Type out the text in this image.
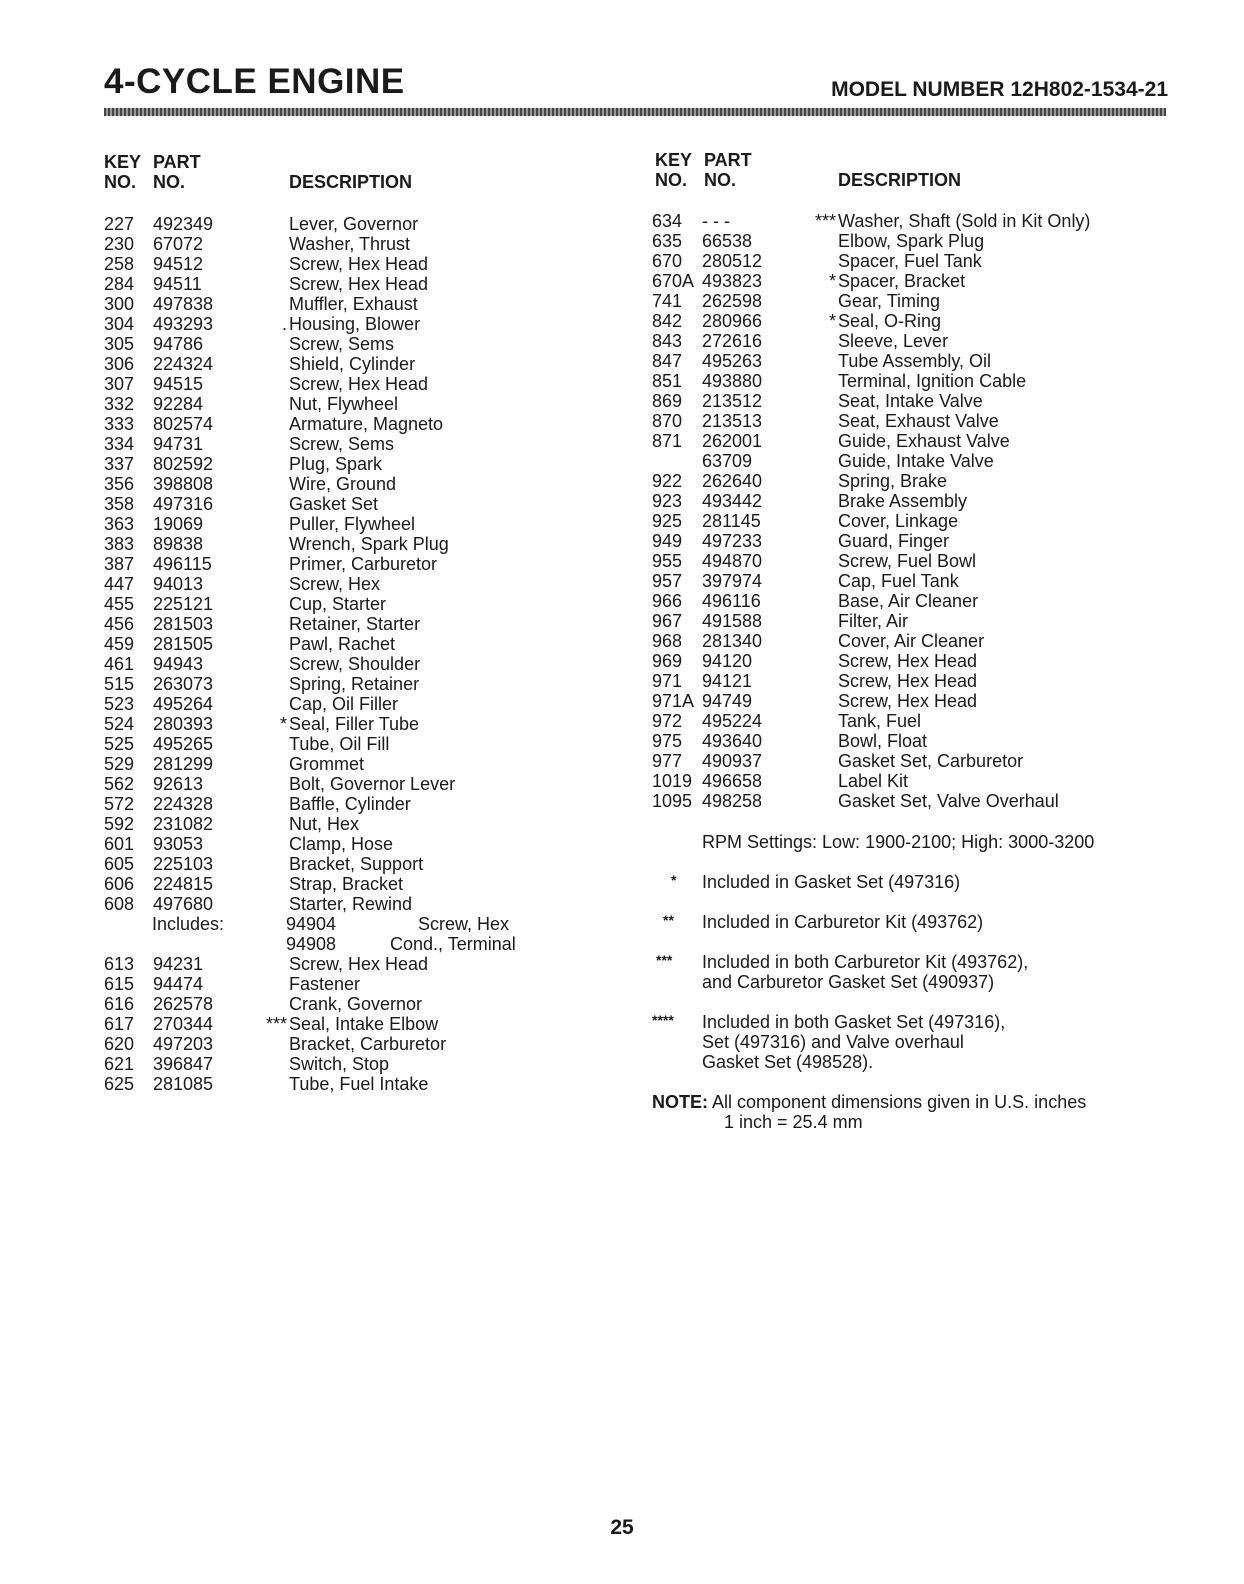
4-CYCLE ENGINE	MODEL NUMBER 12H802-1534-21
KEY
NO.
PART
NO.	DESCRIPTION
KEY
NO.
PART
NO.	DESCRIPTION
227 492349	Lever, Governor
230 67072	Washer, Thrust
258 94512	Screw, Hex Head
284 94511	Screw, Hex Head
300 497838	Muffler, Exhaust
304 493293	. Housing, Blower
305 94786	Screw, Sems
306 224324	Shield, Cylinder
307 94515	Screw, Hex Head
332 92284	Nut, Flywheel
333 802574	Armature, Magneto
334 94731	Screw, Sems
337 802592	Plug, Spark
356 398808	Wire, Ground
358 497316	Gasket Set
363 19069	Puller, Flywheel
383 89838	Wrench, Spark Plug
387 496115	Primer, Carburetor
447 94013	Screw, Hex
455 225121	Cup, Starter
456 281503	Retainer, Starter
459 281505	Pawl, Rachet
461 94943	Screw, Shoulder
515 263073	Spring, Retainer
523 495264	Cap, Oil Filler
524 280393	* Seal, Filler Tube
525 495265	Tube, Oil Fill
529 281299	Grommet
562 92613	Bolt, Governor Lever
572 224328	Baffle, Cylinder
592 231082	Nut, Hex
601 93053	Clamp, Hose
605 225103	Bracket, Support
606 224815	Strap, Bracket
608 497680	Starter, Rewind
Includes:	94904	Screw, Hex
94908	Cond., Terminal
613 94231	Screw, Hex Head
615 94474	Fastener
616 262578	Crank, Governor
617 270344	*** Seal, Intake Elbow
620 497203	Bracket, Carburetor
621 396847	Switch, Stop
625 281085	Tube, Fuel Intake
634 - - -	*** Washer, Shaft (Sold in Kit Only)
635 66538	Elbow, Spark Plug
670 280512	Spacer, Fuel Tank
670A 493823	* Spacer, Bracket
741 262598	Gear, Timing
842 280966	* Seal, O-Ring
843 272616	Sleeve, Lever
847 495263	Tube Assembly, Oil
851 493880	Terminal, Ignition Cable
869 213512	Seat, Intake Valve
870 213513	Seat, Exhaust Valve
871 262001	Guide, Exhaust Valve
63709	Guide, Intake Valve
922 262640	Spring, Brake
923 493442	Brake Assembly
925 281145	Cover, Linkage
949 497233	Guard, Finger
955 494870	Screw, Fuel Bowl
957 397974	Cap, Fuel Tank
966 496116	Base, Air Cleaner
967 491588	Filter, Air
968 281340	Cover, Air Cleaner
969 94120	Screw, Hex Head
971 94121	Screw, Hex Head
971A 94749	Screw, Hex Head
972 495224	Tank, Fuel
975 493640	Bowl, Float
977 490937	Gasket Set, Carburetor
1019 496658	Label Kit
1095 498258	Gasket Set, Valve Overhaul
RPM Settings: Low: 1900-2100; High: 3000-3200
* Included in Gasket Set (497316)
** Included in Carburetor Kit (493762)
*** Included in both Carburetor Kit (493762),
and Carburetor Gasket Set (490937)
**** Included in both Gasket Set (497316),
Set (497316) and Valve overhaul
Gasket Set (498528).
NOTE: All component dimensions given in U.S. inches
1 inch = 25.4 mm
25
